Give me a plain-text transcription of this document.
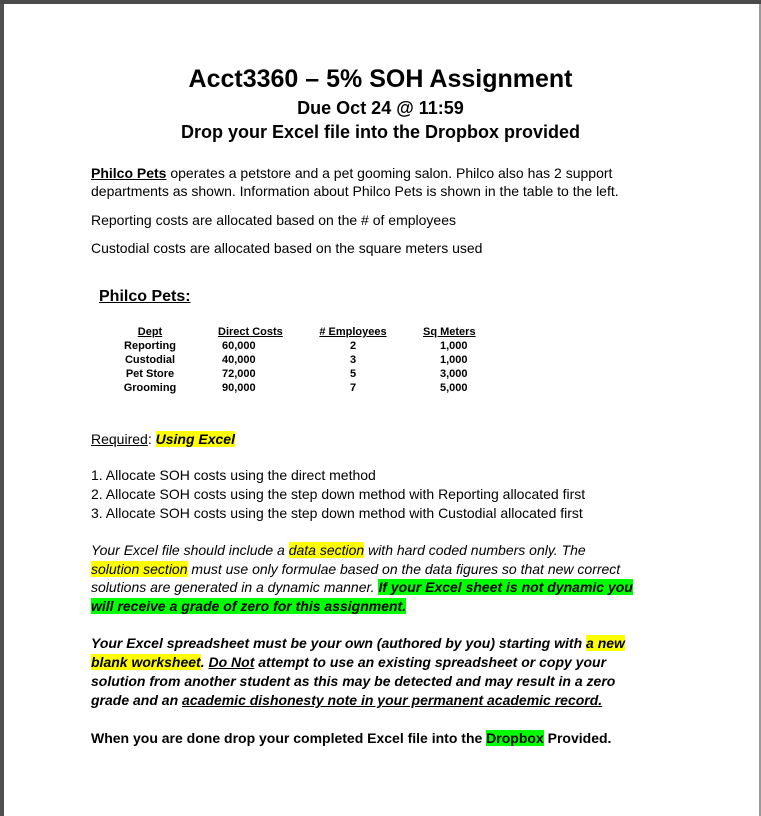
Acct3360 – 5% SOH Assignment
Due Oct 24 @ 11:59
Drop your Excel file into the Dropbox provided
Philco Pets operates a petstore and a pet gooming salon. Philco also has 2 support
departments as shown. Information about Philco Pets is shown in the table to the left.
Reporting costs are allocated based on the # of employees
Custodial costs are allocated based on the square meters used
Philco Pets:
Dept
Reporting
Custodial
Pet Store
Grooming
Direct Costs
60,000
40,000
72,000
90,000
# Employees
2
3
5
7
Sq Meters
1,000
1,000
3,000
5,000
Required: Using Excel
1. Allocate SOH costs using the direct method
2. Allocate SOH costs using the step down method with Reporting allocated first
3. Allocate SOH costs using the step down method with Custodial allocated first
Your Excel file should include a data section with hard coded numbers only. The
solution section must use only formulae based on the data figures so that new correct
solutions are generated in a dynamic manner. If your Excel sheet is not dynamic you
will receive a grade of zero for this assignment.
Your Excel spreadsheet must be your own (authored by you) starting with a new
blank worksheet. Do Not attempt to use an existing spreadsheet or copy your
solution from another student as this may be detected and may result in a zero
grade and an academic dishonesty note in your permanent academic record.
When you are done drop your completed Excel file into the Dropbox Provided.
